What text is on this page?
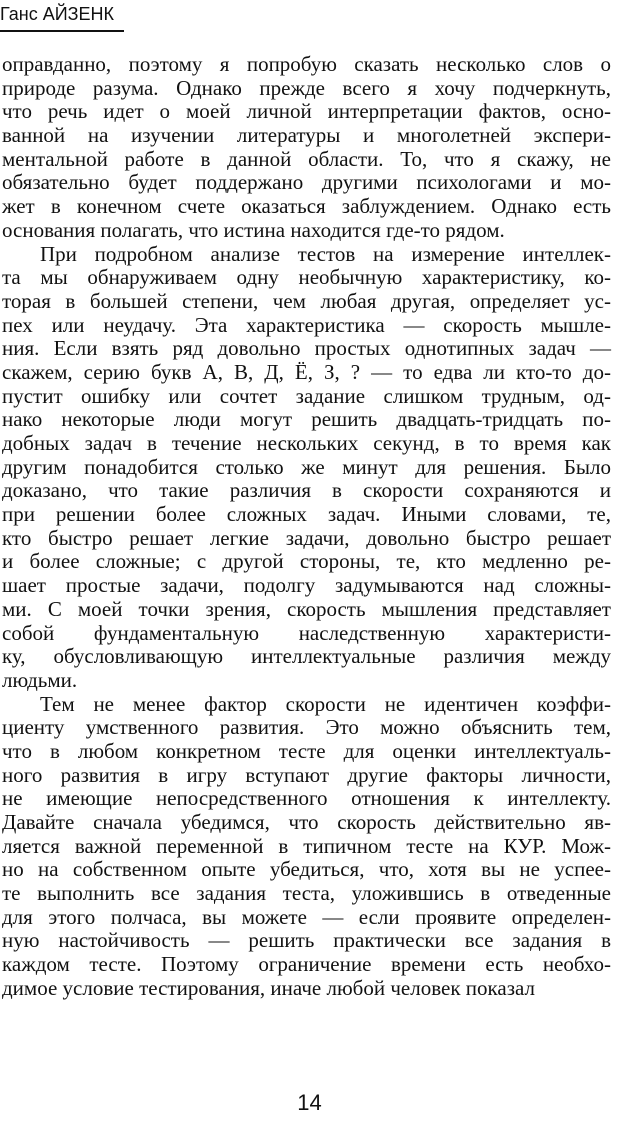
Ганс АЙЗЕНК
оправданно, поэтому я попробую сказать несколько слов о
природе разума. Однако прежде всего я хочу подчеркнуть,
что речь идет о моей личной интерпретации фактов, осно-
ванной на изучении литературы и многолетней экспери-
ментальной работе в данной области. То, что я скажу, не
обязательно будет поддержано другими психологами и мо-
жет в конечном счете оказаться заблуждением. Однако есть
основания полагать, что истина находится где-то рядом.
При подробном анализе тестов на измерение интеллек-
та мы обнаруживаем одну необычную характеристику, ко-
торая в большей степени, чем любая другая, определяет ус-
пех или неудачу. Эта характеристика — скорость мышле-
ния. Если взять ряд довольно простых однотипных задач —
скажем, серию букв А, В, Д, Ё, З, ? — то едва ли кто-то до-
пустит ошибку или сочтет задание слишком трудным, од-
нако некоторые люди могут решить двадцать-тридцать по-
добных задач в течение нескольких секунд, в то время как
другим понадобится столько же минут для решения. Было
доказано, что такие различия в скорости сохраняются и
при решении более сложных задач. Иными словами, те,
кто быстро решает легкие задачи, довольно быстро решает
и более сложные; с другой стороны, те, кто медленно ре-
шает простые задачи, подолгу задумываются над сложны-
ми. С моей точки зрения, скорость мышления представляет
собой фундаментальную наследственную характеристи-
ку, обусловливающую интеллектуальные различия между
людьми.
Тем не менее фактор скорости не идентичен коэффи-
циенту умственного развития. Это можно объяснить тем,
что в любом конкретном тесте для оценки интеллектуаль-
ного развития в игру вступают другие факторы личности,
не имеющие непосредственного отношения к интеллекту.
Давайте сначала убедимся, что скорость действительно яв-
ляется важной переменной в типичном тесте на КУР. Мож-
но на собственном опыте убедиться, что, хотя вы не успее-
те выполнить все задания теста, уложившись в отведенные
для этого полчаса, вы можете — если проявите определен-
ную настойчивость — решить практически все задания в
каждом тесте. Поэтому ограничение времени есть необхо-
димое условие тестирования, иначе любой человек показал
14
